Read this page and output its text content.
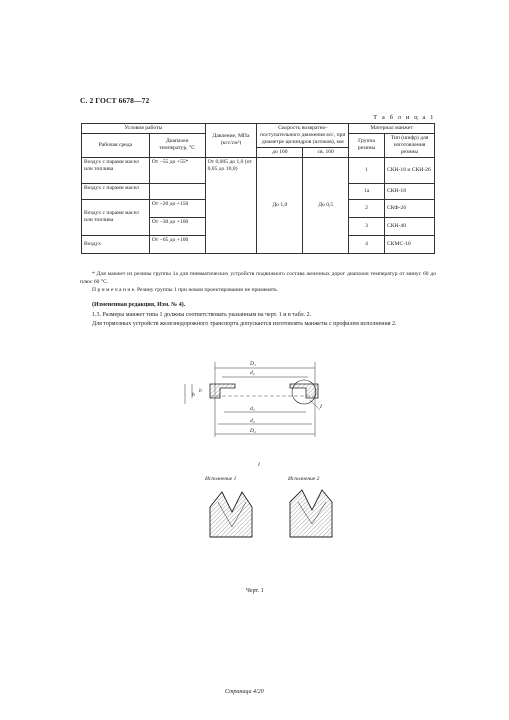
С. 2 ГОСТ 6678—72
Т а б л и ц а 1
Условия работы		Давление, МПа (кгс/см²)	Скорость возвратно-поступательного движения м/с, при диаметре цилиндров (штоков), мм		Материал манжет	
Рабочая среда	Диапазон температур, °С				Группа резины	Тип (шифр) для изготовления резины
			до 160	св. 160		
Воздух с парами масел или топлива	От −55 до +55*	От 0,005 до 1,0 (от 0,05 до 10,0)	До 1,0	До 0,5	1	СКН-18 и СКН-26
Воздух с парами масел					1а	СКН-18
Воздух с парами масел или топлива	От −20 до +150				2	СКФ-26
	От −30 до +100				3	СКН-40
Воздух	От −65 до +100				4	СКМС-10
* Для манжет из резины группы 1а для пневматических устройств подвижного состава железных дорог диапазон температур от минус 60 до плюс 60 °С.
П р и м е ч а н и е. Резину группы 1 при новом проектировании не применять.
(Измененная редакция, Изм. № 4).
1.3. Размеры манжет типа 1 должны соответствовать указанным на черт. 1 и в табл. 2.
Для тормозных устройств железнодорожного транспорта допускается изготовлять манжеты с профилем исполнения 2.
D₁
d₂
d₃
d₄
D₂
h
b
I
I
Исполнение 1	Исполнение 2
Черт. 1
Страница 4/20
